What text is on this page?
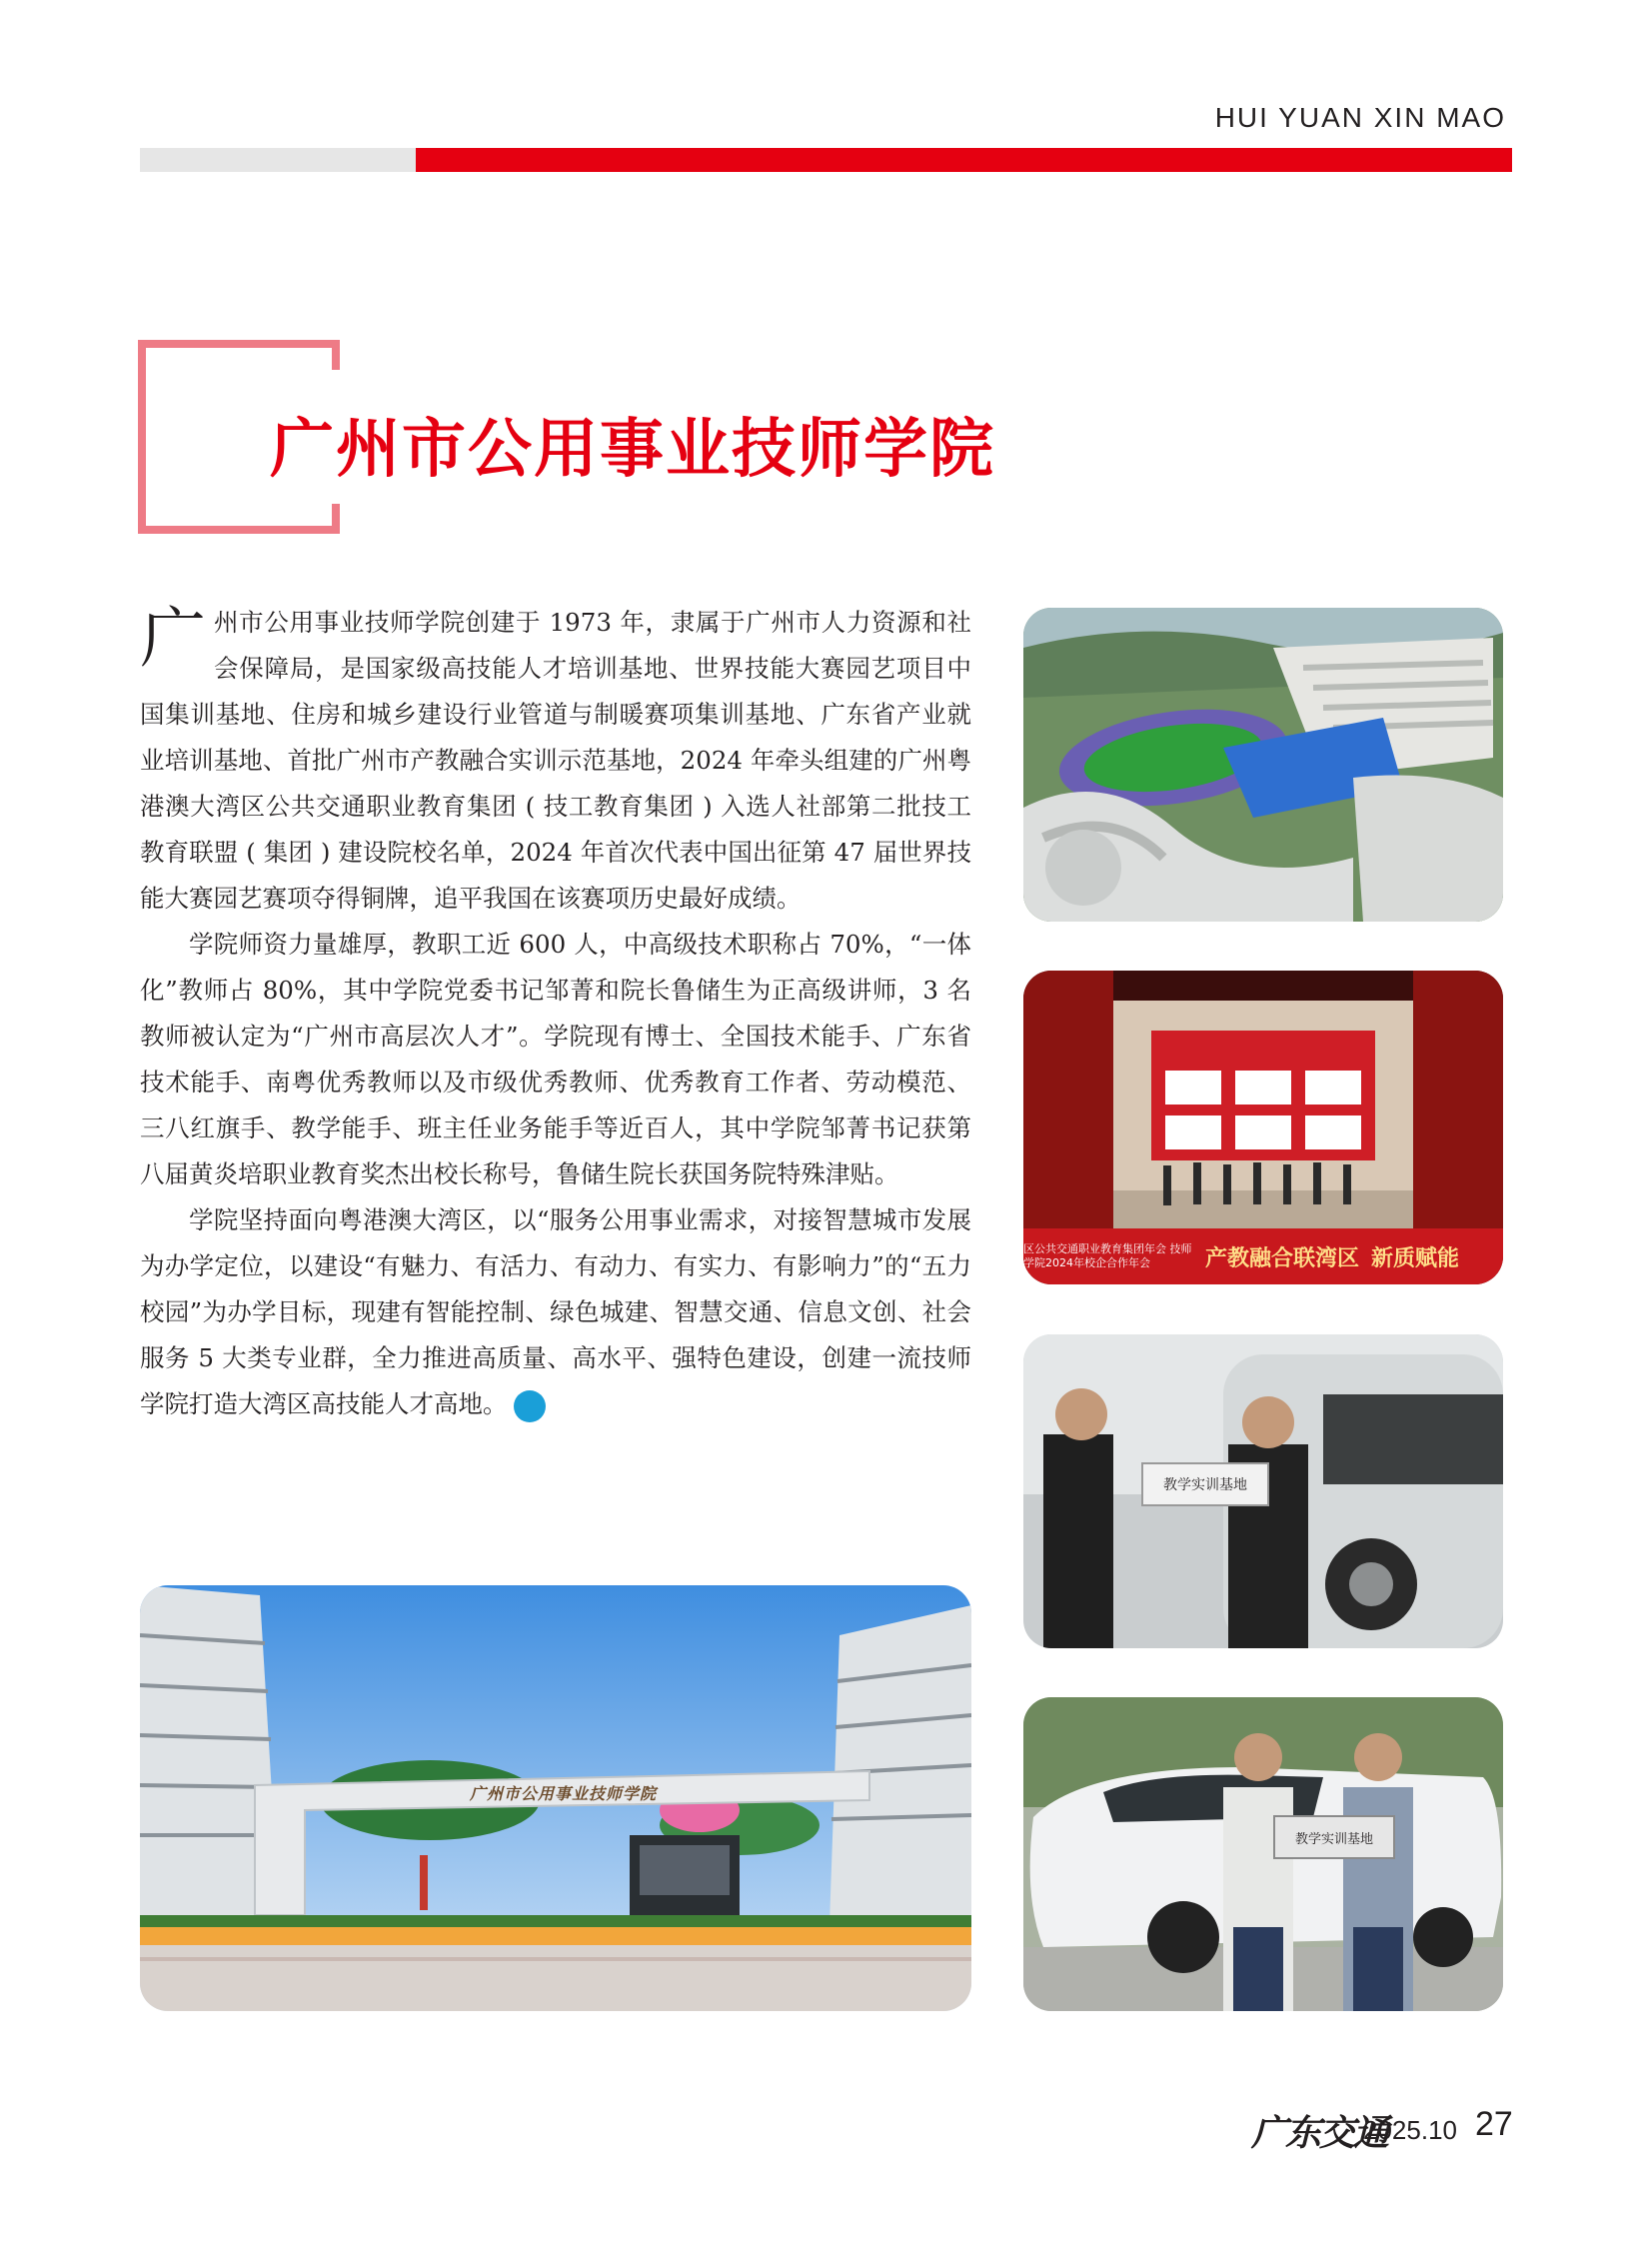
HUI YUAN XIN MAO
广州市公用事业技师学院

广州市公用事业技师学院创建于 1973 年，隶属于广州市人力资源和社会保障局，是国家级高技能人才培训基地、世界技能大赛园艺项目中国集训基地、住房和城乡建设行业管道与制暖赛项集训基地、广东省产业就业培训基地、首批广州市产教融合实训示范基地，2024 年牵头组建的广州粤港澳大湾区公共交通职业教育集团 ( 技工教育集团 ) 入选人社部第二批技工教育联盟 ( 集团 ) 建设院校名单，2024 年首次代表中国出征第 47 届世界技能大赛园艺赛项夺得铜牌，追平我国在该赛项历史最好成绩。

学院师资力量雄厚，教职工近 600 人，中高级技术职称占 70%，“一体化”教师占 80%，其中学院党委书记邹菁和院长鲁储生为正高级讲师，3 名教师被认定为“广州市高层次人才”。学院现有博士、全国技术能手、广东省技术能手、南粤优秀教师以及市级优秀教师、优秀教育工作者、劳动模范、三八红旗手、教学能手、班主任业务能手等近百人，其中学院邹菁书记获第八届黄炎培职业教育奖杰出校长称号，鲁储生院长获国务院特殊津贴。

学院坚持面向粤港澳大湾区，以“服务公用事业需求，对接智慧城市发展为办学定位，以建设“有魅力、有活力、有动力、有实力、有影响力”的“五力校园”为办学目标，现建有智能控制、绿色城建、智慧交通、信息文创、社会服务 5 大类专业群，全力推进高质量、高水平、强特色建设，创建一流技师学院打造大湾区高技能人才高地。	CTA

区公共交通职业教育集团年会 技师学院2024年校企合作年会	产教融合联湾区 新质赋能
教学实训基地
教学实训基地
广州市公用事业技师学院
广东交通
2025.10 27
